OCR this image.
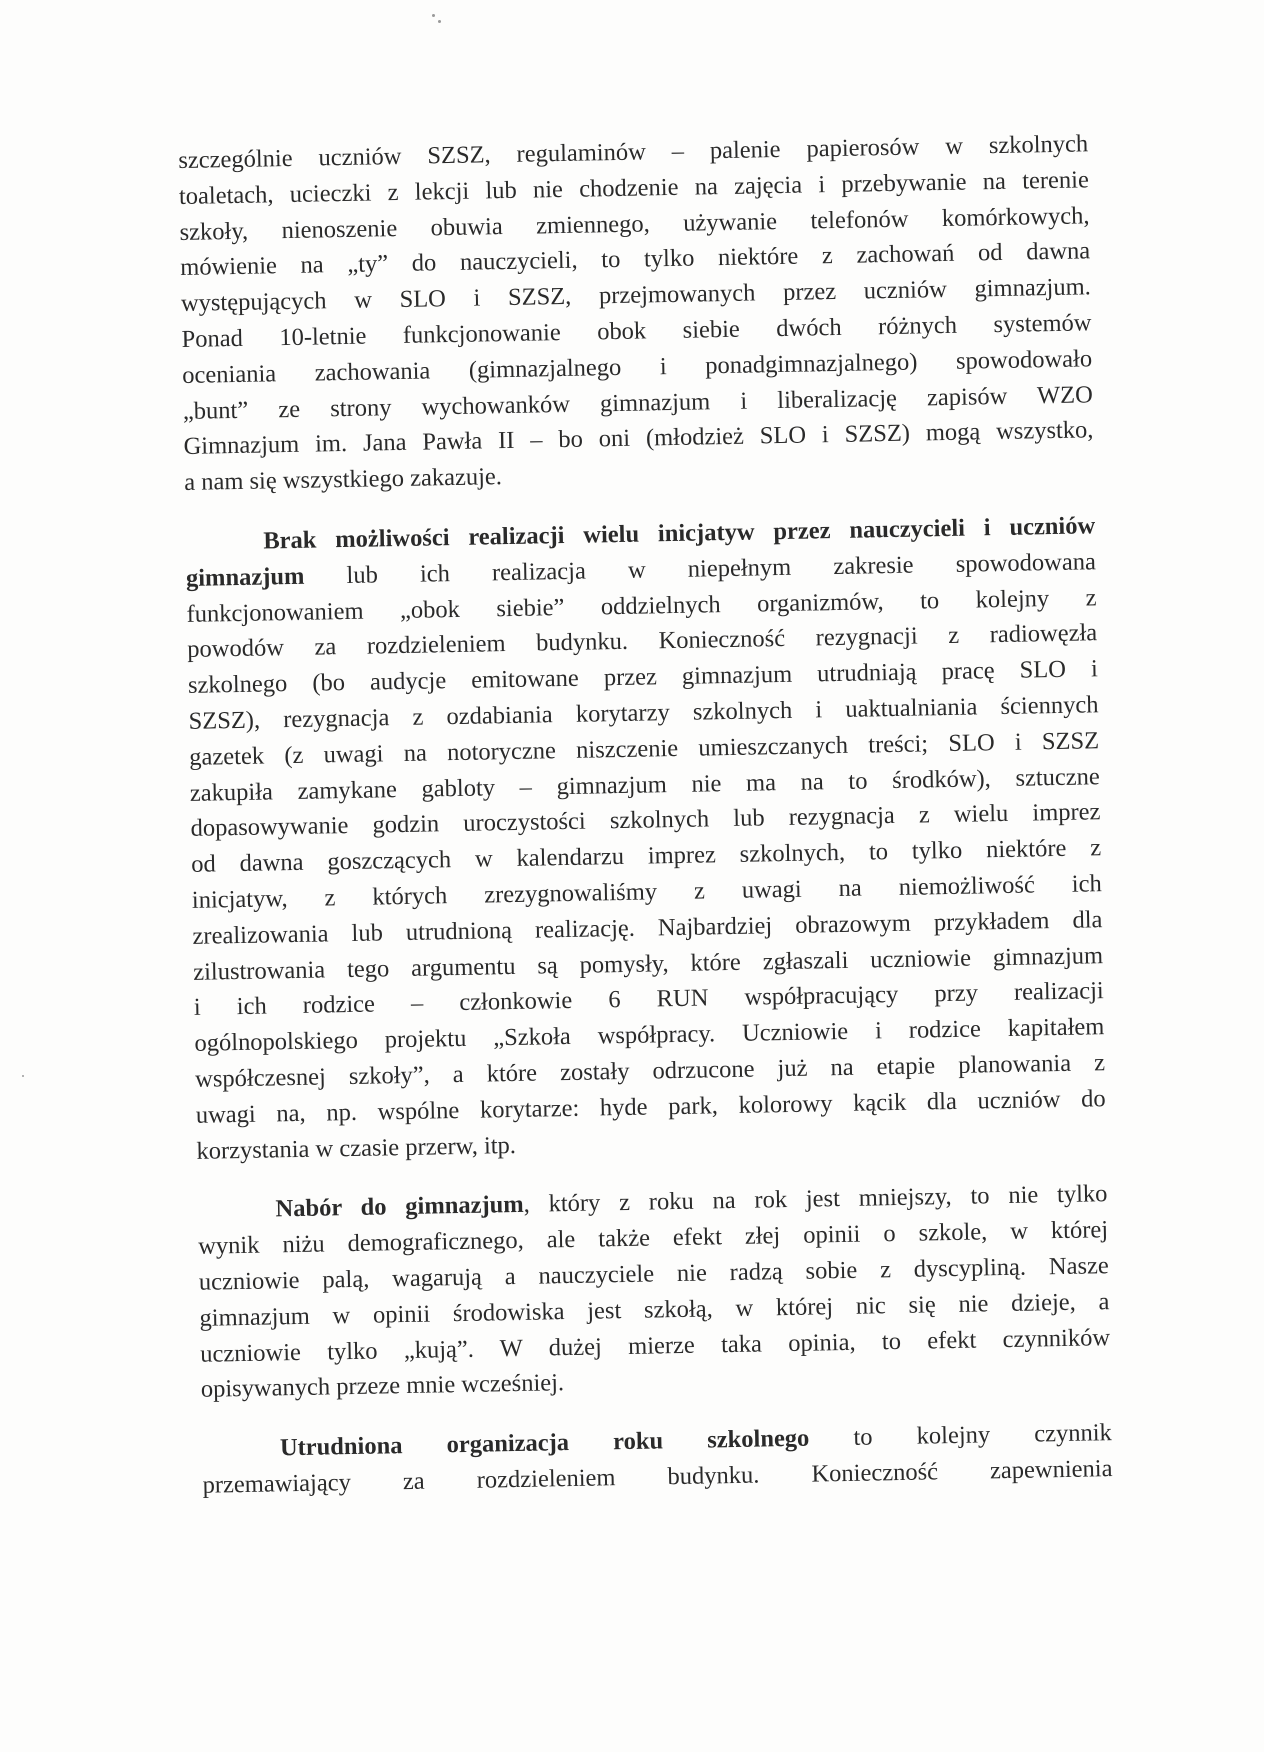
szczególnie uczniów SZSZ, regulaminów – palenie papierosów w szkolnych
toaletach, ucieczki z lekcji lub nie chodzenie na zajęcia i przebywanie na terenie
szkoły, nienoszenie obuwia zmiennego, używanie telefonów komórkowych,
mówienie na „ty” do nauczycieli, to tylko niektóre z zachowań od dawna
występujących w SLO i SZSZ, przejmowanych przez uczniów gimnazjum.
Ponad 10-letnie funkcjonowanie obok siebie dwóch różnych systemów
oceniania zachowania (gimnazjalnego i ponadgimnazjalnego) spowodowało
„bunt” ze strony wychowanków gimnazjum i liberalizację zapisów WZO
Gimnazjum im. Jana Pawła II – bo oni (młodzież SLO i SZSZ) mogą wszystko,
a nam się wszystkiego zakazuje.
Brak możliwości realizacji wielu inicjatyw przez nauczycieli i uczniów
gimnazjum lub ich realizacja w niepełnym zakresie spowodowana
funkcjonowaniem „obok siebie” oddzielnych organizmów, to kolejny z
powodów za rozdzieleniem budynku. Konieczność rezygnacji z radiowęzła
szkolnego (bo audycje emitowane przez gimnazjum utrudniają pracę SLO i
SZSZ), rezygnacja z ozdabiania korytarzy szkolnych i uaktualniania ściennych
gazetek (z uwagi na notoryczne niszczenie umieszczanych treści; SLO i SZSZ
zakupiła zamykane gabloty – gimnazjum nie ma na to środków), sztuczne
dopasowywanie godzin uroczystości szkolnych lub rezygnacja z wielu imprez
od dawna goszczących w kalendarzu imprez szkolnych, to tylko niektóre z
inicjatyw, z których zrezygnowaliśmy z uwagi na niemożliwość ich
zrealizowania lub utrudnioną realizację. Najbardziej obrazowym przykładem dla
zilustrowania tego argumentu są pomysły, które zgłaszali uczniowie gimnazjum
i ich rodzice – członkowie 6 RUN współpracujący przy realizacji
ogólnopolskiego projektu „Szkoła współpracy. Uczniowie i rodzice kapitałem
współczesnej szkoły”, a które zostały odrzucone już na etapie planowania z
uwagi na, np. wspólne korytarze: hyde park, kolorowy kącik dla uczniów do
korzystania w czasie przerw, itp.
Nabór do gimnazjum, który z roku na rok jest mniejszy, to nie tylko
wynik niżu demograficznego, ale także efekt złej opinii o szkole, w której
uczniowie palą, wagarują a nauczyciele nie radzą sobie z dyscypliną. Nasze
gimnazjum w opinii środowiska jest szkołą, w której nic się nie dzieje, a
uczniowie tylko „kują”. W dużej mierze taka opinia, to efekt czynników
opisywanych przeze mnie wcześniej.
Utrudniona organizacja roku szkolnego to kolejny czynnik
przemawiający za rozdzieleniem budynku. Konieczność zapewnienia
